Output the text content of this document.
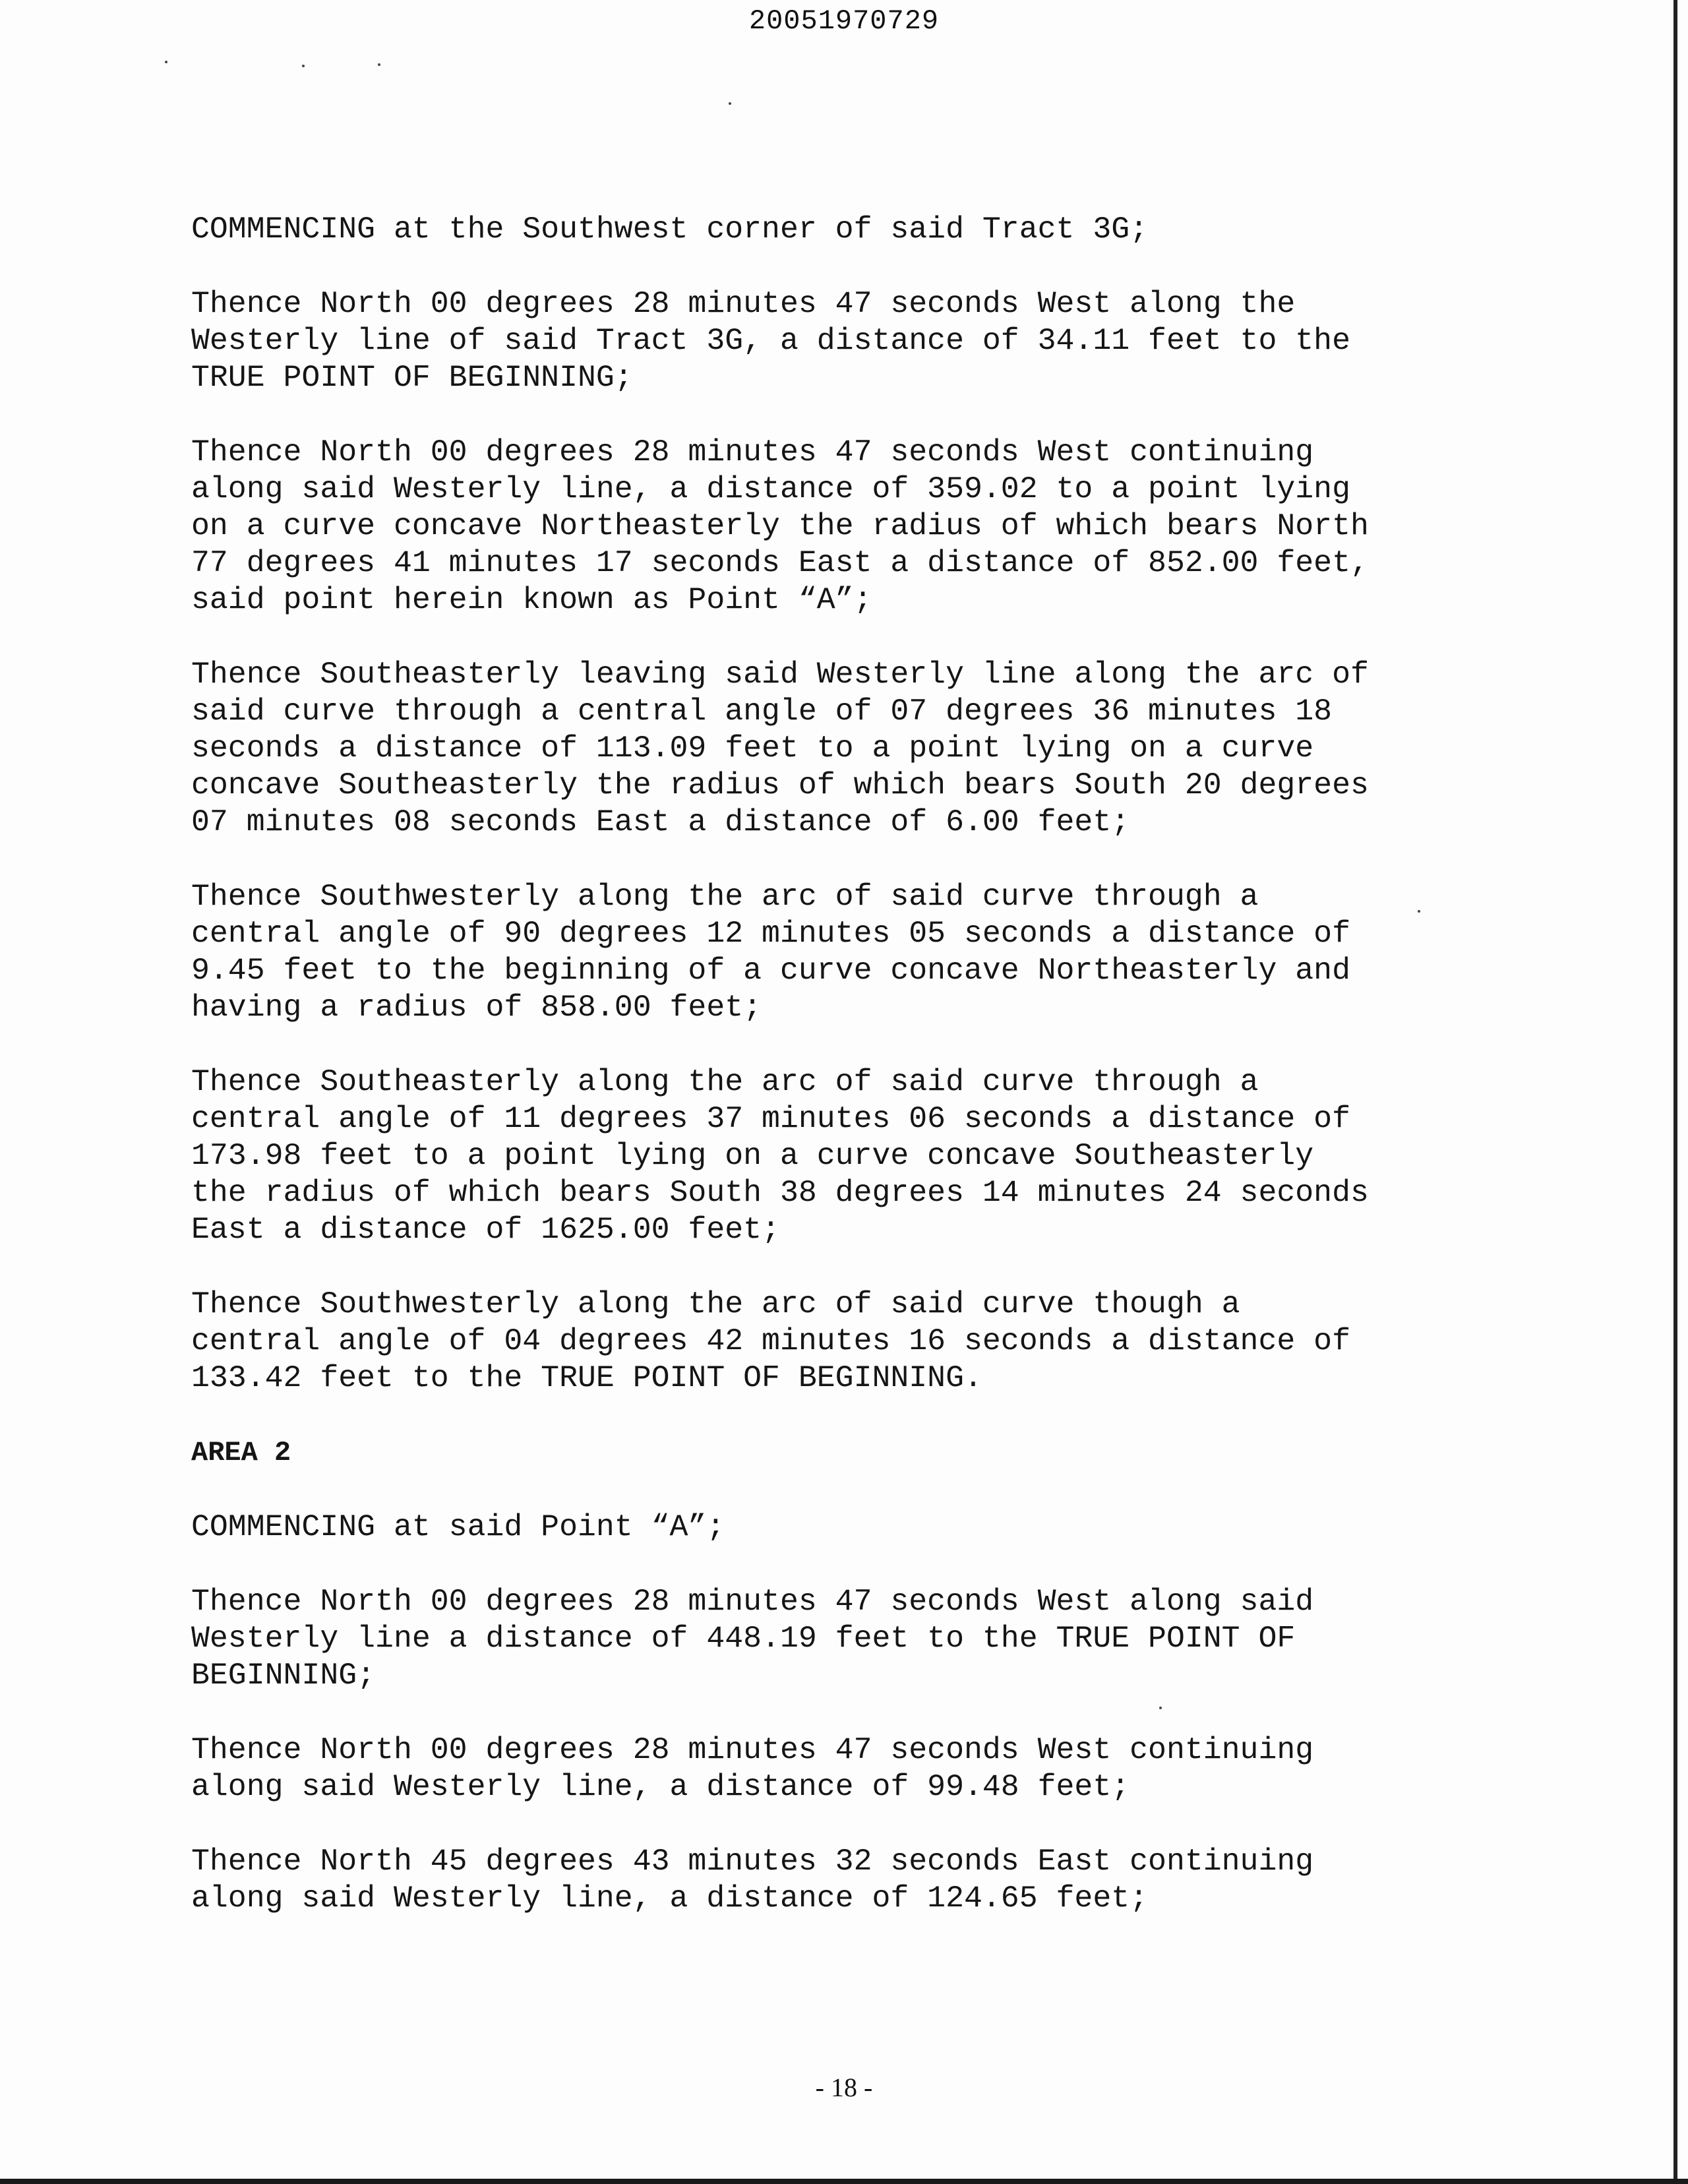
20051970729
COMMENCING at the Southwest corner of said Tract 3G;
Thence North 00 degrees 28 minutes 47 seconds West along the
Westerly line of said Tract 3G, a distance of 34.11 feet to the
TRUE POINT OF BEGINNING;
Thence North 00 degrees 28 minutes 47 seconds West continuing
along said Westerly line, a distance of 359.02 to a point lying
on a curve concave Northeasterly the radius of which bears North
77 degrees 41 minutes 17 seconds East a distance of 852.00 feet,
said point herein known as Point “A”;
Thence Southeasterly leaving said Westerly line along the arc of
said curve through a central angle of 07 degrees 36 minutes 18
seconds a distance of 113.09 feet to a point lying on a curve
concave Southeasterly the radius of which bears South 20 degrees
07 minutes 08 seconds East a distance of 6.00 feet;
Thence Southwesterly along the arc of said curve through a
central angle of 90 degrees 12 minutes 05 seconds a distance of
9.45 feet to the beginning of a curve concave Northeasterly and
having a radius of 858.00 feet;
Thence Southeasterly along the arc of said curve through a
central angle of 11 degrees 37 minutes 06 seconds a distance of
173.98 feet to a point lying on a curve concave Southeasterly
the radius of which bears South 38 degrees 14 minutes 24 seconds
East a distance of 1625.00 feet;
Thence Southwesterly along the arc of said curve though a
central angle of 04 degrees 42 minutes 16 seconds a distance of
133.42 feet to the TRUE POINT OF BEGINNING.
AREA 2
COMMENCING at said Point “A”;
Thence North 00 degrees 28 minutes 47 seconds West along said
Westerly line a distance of 448.19 feet to the TRUE POINT OF
BEGINNING;
Thence North 00 degrees 28 minutes 47 seconds West continuing
along said Westerly line, a distance of 99.48 feet;
Thence North 45 degrees 43 minutes 32 seconds East continuing
along said Westerly line, a distance of 124.65 feet;
- 18 -
